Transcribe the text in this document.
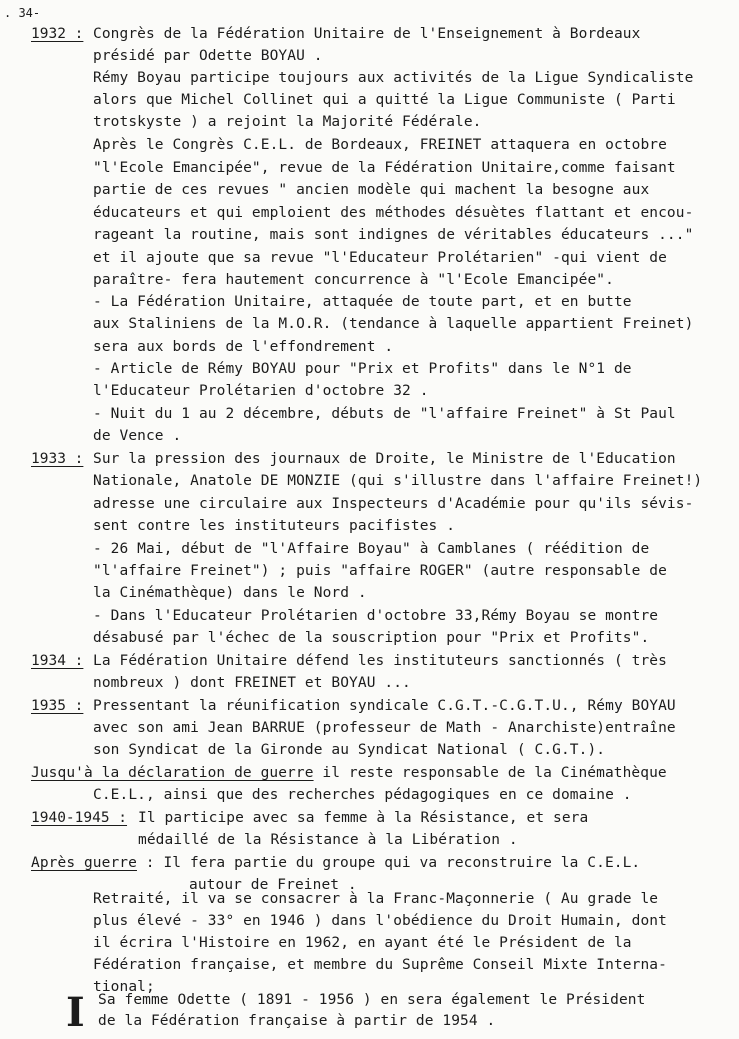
. 34-
1932 : Congrès de la Fédération Unitaire de l'Enseignement à Bordeaux
présidé par Odette BOYAU .
Rémy Boyau participe toujours aux activités de la Ligue Syndicaliste
alors que Michel Collinet qui a quitté la Ligue Communiste ( Parti
trotskyste ) a rejoint la Majorité Fédérale.
Après le Congrès C.E.L. de Bordeaux, FREINET attaquera en octobre
"l'Ecole Emancipée", revue de la Fédération Unitaire,comme faisant
partie de ces revues " ancien modèle qui machent la besogne aux
éducateurs et qui emploient des méthodes désuètes flattant et encou-
rageant la routine, mais sont indignes de véritables éducateurs ..."
et il ajoute que sa revue "l'Educateur Prolétarien" -qui vient de
paraître- fera hautement concurrence à "l'Ecole Emancipée".
- La Fédération Unitaire, attaquée de toute part, et en butte
aux Staliniens de la M.O.R. (tendance à laquelle appartient Freinet)
sera aux bords de l'effondrement .
- Article de Rémy BOYAU pour "Prix et Profits" dans le N°1 de
l'Educateur Prolétarien d'octobre 32 .
- Nuit du 1 au 2 décembre, débuts de "l'affaire Freinet" à St Paul
de Vence .
1933 : Sur la pression des journaux de Droite, le Ministre de l'Education
Nationale, Anatole DE MONZIE (qui s'illustre dans l'affaire Freinet!)
adresse une circulaire aux Inspecteurs d'Académie pour qu'ils sévis-
sent contre les instituteurs pacifistes .
- 26 Mai, début de "l'Affaire Boyau" à Camblanes ( réédition de
"l'affaire Freinet") ; puis "affaire ROGER" (autre responsable de
la Cinémathèque) dans le Nord .
- Dans l'Educateur Prolétarien d'octobre 33,Rémy Boyau se montre
désabusé par l'échec de la souscription pour "Prix et Profits".
1934 : La Fédération Unitaire défend les instituteurs sanctionnés ( très
nombreux ) dont FREINET et BOYAU ...
1935 : Pressentant la réunification syndicale C.G.T.-C.G.T.U., Rémy BOYAU
avec son ami Jean BARRUE (professeur de Math - Anarchiste)entraîne
son Syndicat de la Gironde au Syndicat National ( C.G.T.).
Jusqu'à la déclaration de guerre il reste responsable de la Cinémathèque
C.E.L., ainsi que des recherches pédagogiques en ce domaine .
1940-1945 : Il participe avec sa femme à la Résistance, et sera
médaillé de la Résistance à la Libération .
Après guerre : Il fera partie du groupe qui va reconstruire la C.E.L.
autour de Freinet .
Retraité, il va se consacrer à la Franc-Maçonnerie ( Au grade le
plus élevé - 33° en 1946 ) dans l'obédience du Droit Humain, dont
il écrira l'Histoire en 1962, en ayant été le Président de la
Fédération française, et membre du Suprême Conseil Mixte Interna-
tional;
I Sa femme Odette ( 1891 - 1956 ) en sera également le Président
de la Fédération française à partir de 1954 .
